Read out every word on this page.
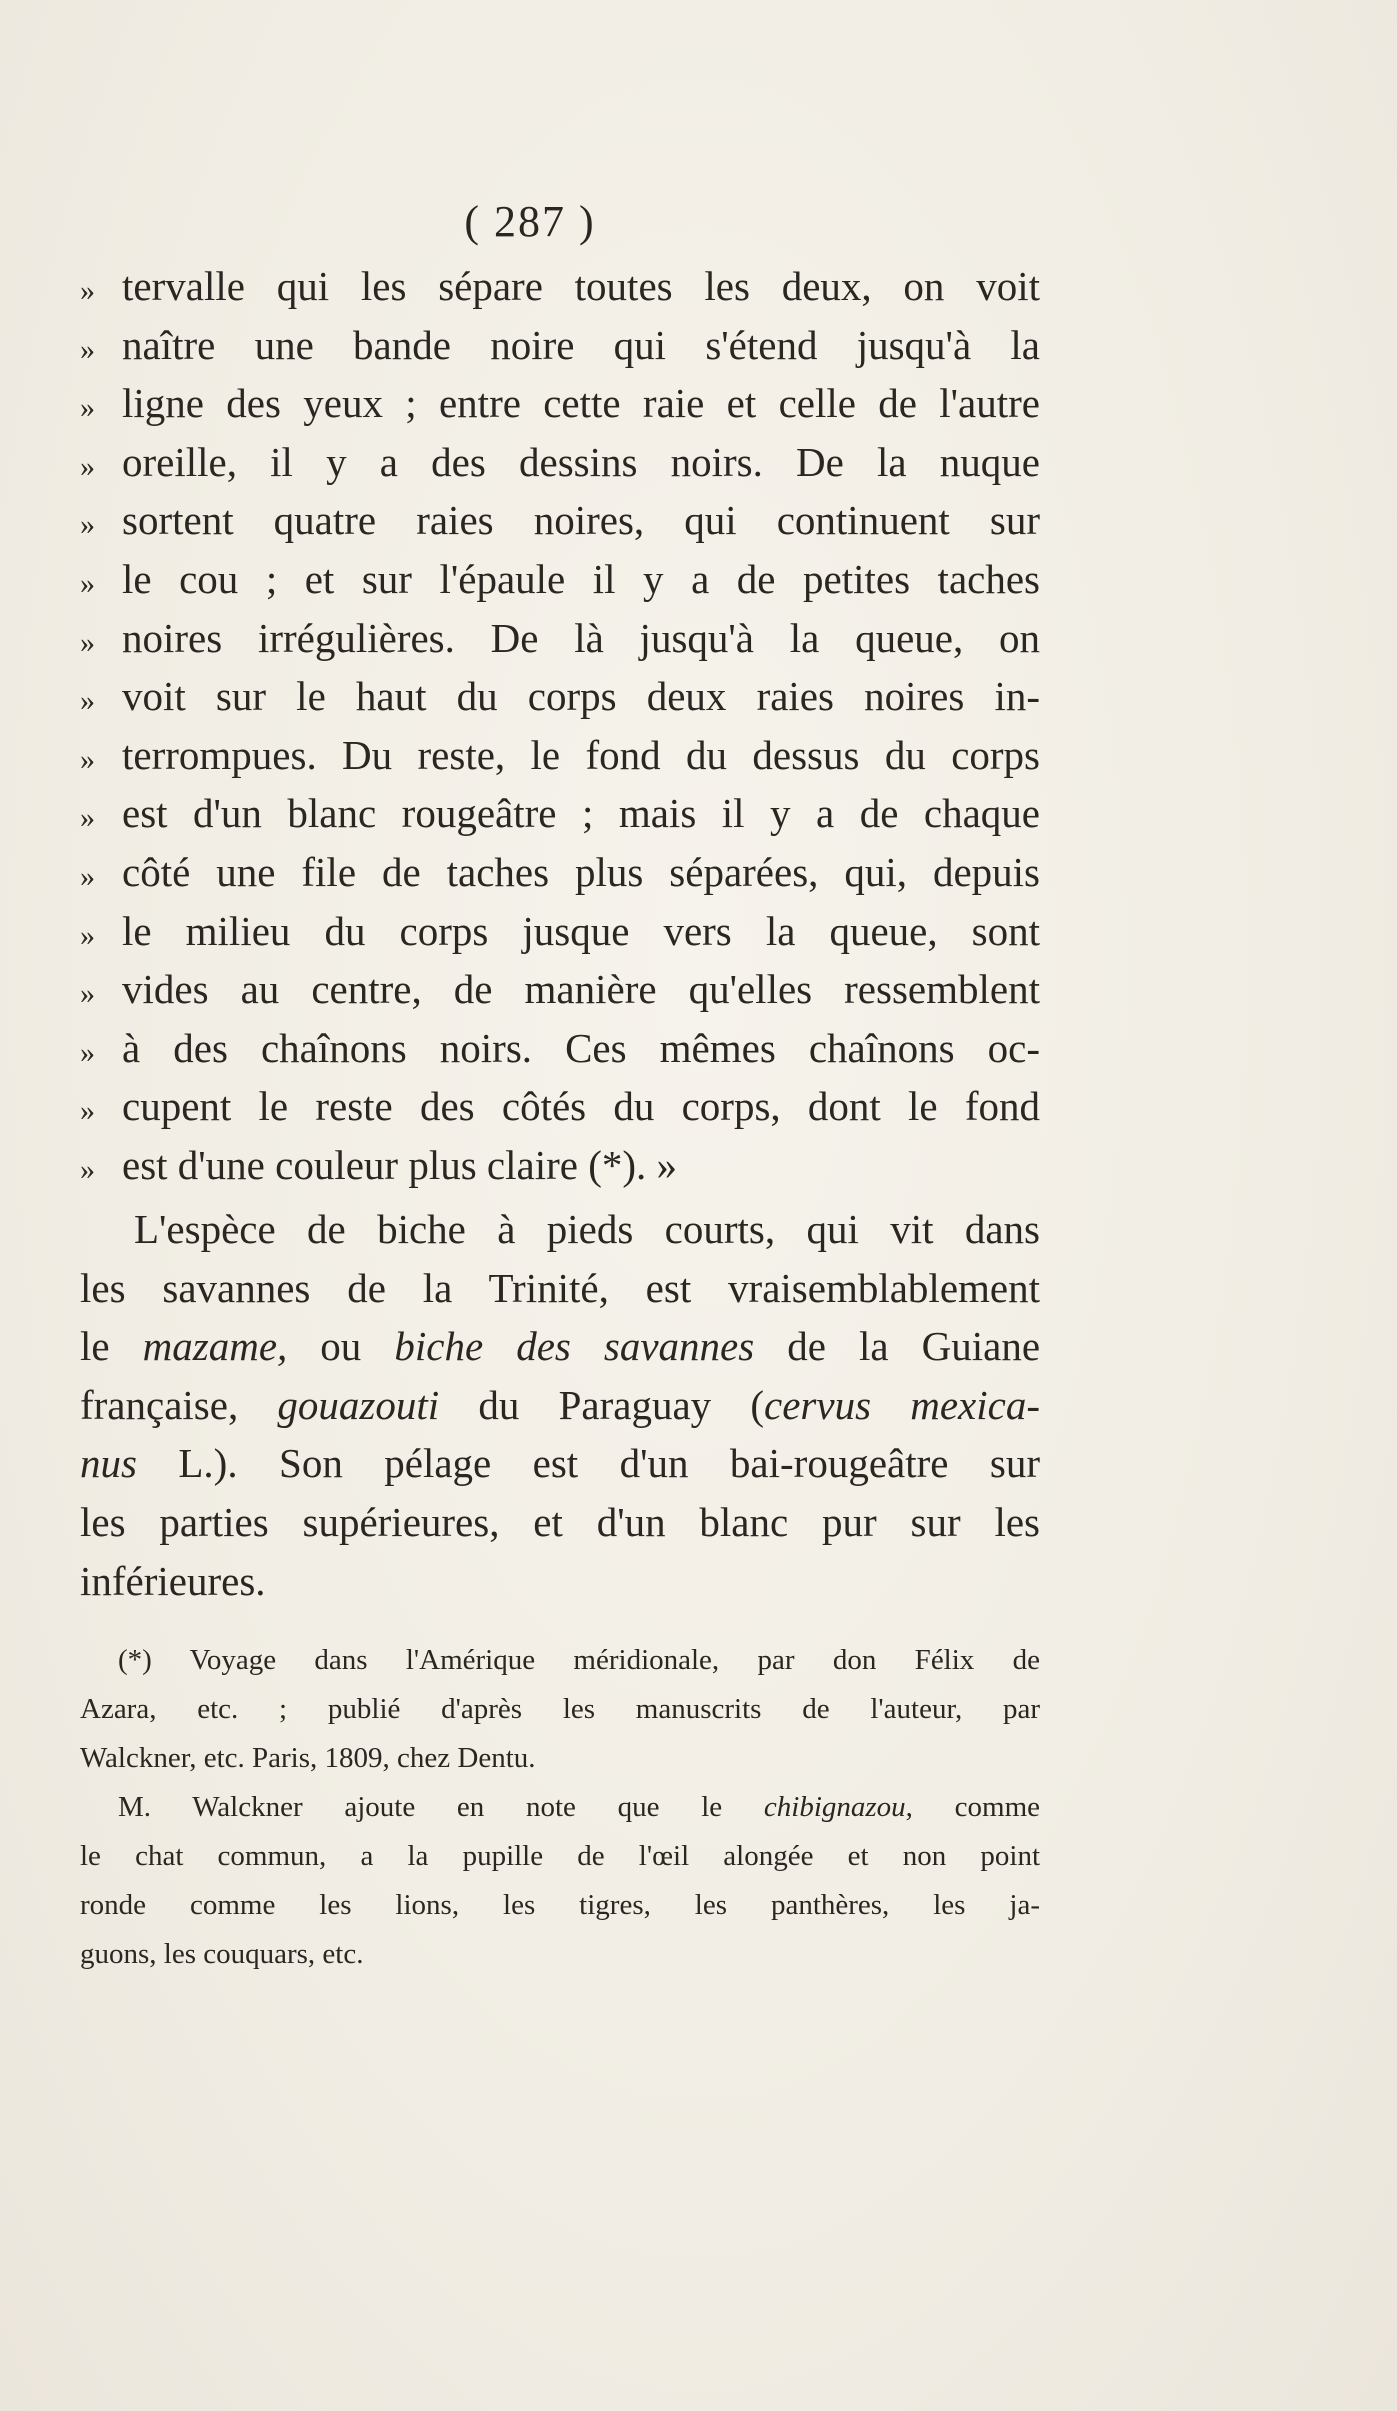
( 287 )
» tervalle qui les sépare toutes les deux, on voit
» naître une bande noire qui s'étend jusqu'à la
» ligne des yeux ; entre cette raie et celle de l'autre
» oreille, il y a des dessins noirs. De la nuque
» sortent quatre raies noires, qui continuent sur
» le cou ; et sur l'épaule il y a de petites taches
» noires irrégulières. De là jusqu'à la queue, on
» voit sur le haut du corps deux raies noires in-
» terrompues. Du reste, le fond du dessus du corps
» est d'un blanc rougeâtre ; mais il y a de chaque
» côté une file de taches plus séparées, qui, depuis
» le milieu du corps jusque vers la queue, sont
» vides au centre, de manière qu'elles ressemblent
» à des chaînons noirs. Ces mêmes chaînons oc-
» cupent le reste des côtés du corps, dont le fond
» est d'une couleur plus claire (*). »
L'espèce de biche à pieds courts, qui vit dans
les savannes de la Trinité, est vraisemblablement
le mazame, ou biche des savannes de la Guiane
française, gouazouti du Paraguay (cervus mexica-
nus L.). Son pélage est d'un bai-rougeâtre sur
les parties supérieures, et d'un blanc pur sur les
inférieures.
(*) Voyage dans l'Amérique méridionale, par don Félix de
Azara, etc. ; publié d'après les manuscrits de l'auteur, par
Walckner, etc. Paris, 1809, chez Dentu.
M. Walckner ajoute en note que le chibignazou, comme
le chat commun, a la pupille de l'œil alongée et non point
ronde comme les lions, les tigres, les panthères, les ja-
guons, les couquars, etc.
